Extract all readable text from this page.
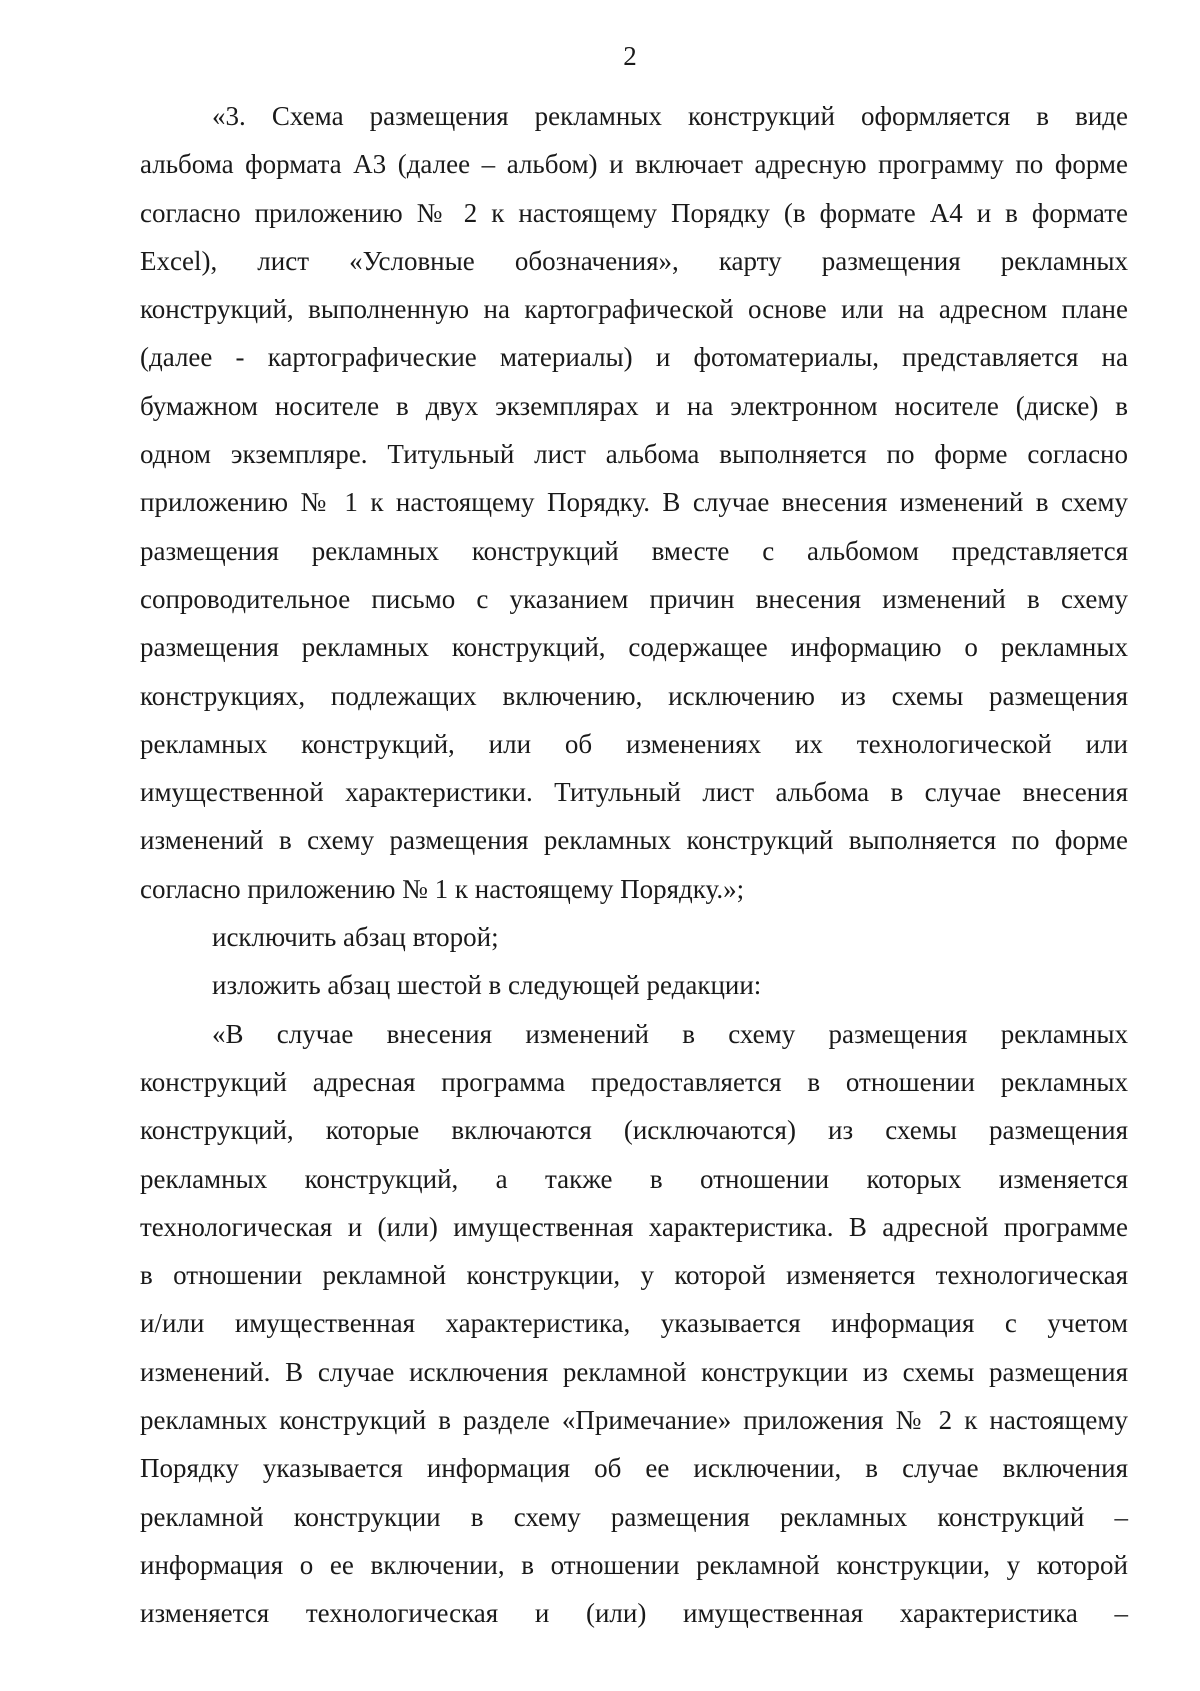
2
«3. Схема размещения рекламных конструкций оформляется в виде
альбома формата А3 (далее – альбом) и включает адресную программу по форме
согласно приложению № 2 к настоящему Порядку (в формате А4 и в формате
Excel), лист «Условные обозначения», карту размещения рекламных
конструкций, выполненную на картографической основе или на адресном плане
(далее - картографические материалы) и фотоматериалы, представляется на
бумажном носителе в двух экземплярах и на электронном носителе (диске) в
одном экземпляре. Титульный лист альбома выполняется по форме согласно
приложению № 1 к настоящему Порядку. В случае внесения изменений в схему
размещения рекламных конструкций вместе с альбомом представляется
сопроводительное письмо с указанием причин внесения изменений в схему
размещения рекламных конструкций, содержащее информацию о рекламных
конструкциях, подлежащих включению, исключению из схемы размещения
рекламных конструкций, или об изменениях их технологической или
имущественной характеристики. Титульный лист альбома в случае внесения
изменений в схему размещения рекламных конструкций выполняется по форме
согласно приложению № 1 к настоящему Порядку.»;
исключить абзац второй;
изложить абзац шестой в следующей редакции:
«В случае внесения изменений в схему размещения рекламных
конструкций адресная программа предоставляется в отношении рекламных
конструкций, которые включаются (исключаются) из схемы размещения
рекламных конструкций, а также в отношении которых изменяется
технологическая и (или) имущественная характеристика. В адресной программе
в отношении рекламной конструкции, у которой изменяется технологическая
и/или имущественная характеристика, указывается информация с учетом
изменений. В случае исключения рекламной конструкции из схемы размещения
рекламных конструкций в разделе «Примечание» приложения № 2 к настоящему
Порядку указывается информация об ее исключении, в случае включения
рекламной конструкции в схему размещения рекламных конструкций –
информация о ее включении, в отношении рекламной конструкции, у которой
изменяется технологическая и (или) имущественная характеристика –
